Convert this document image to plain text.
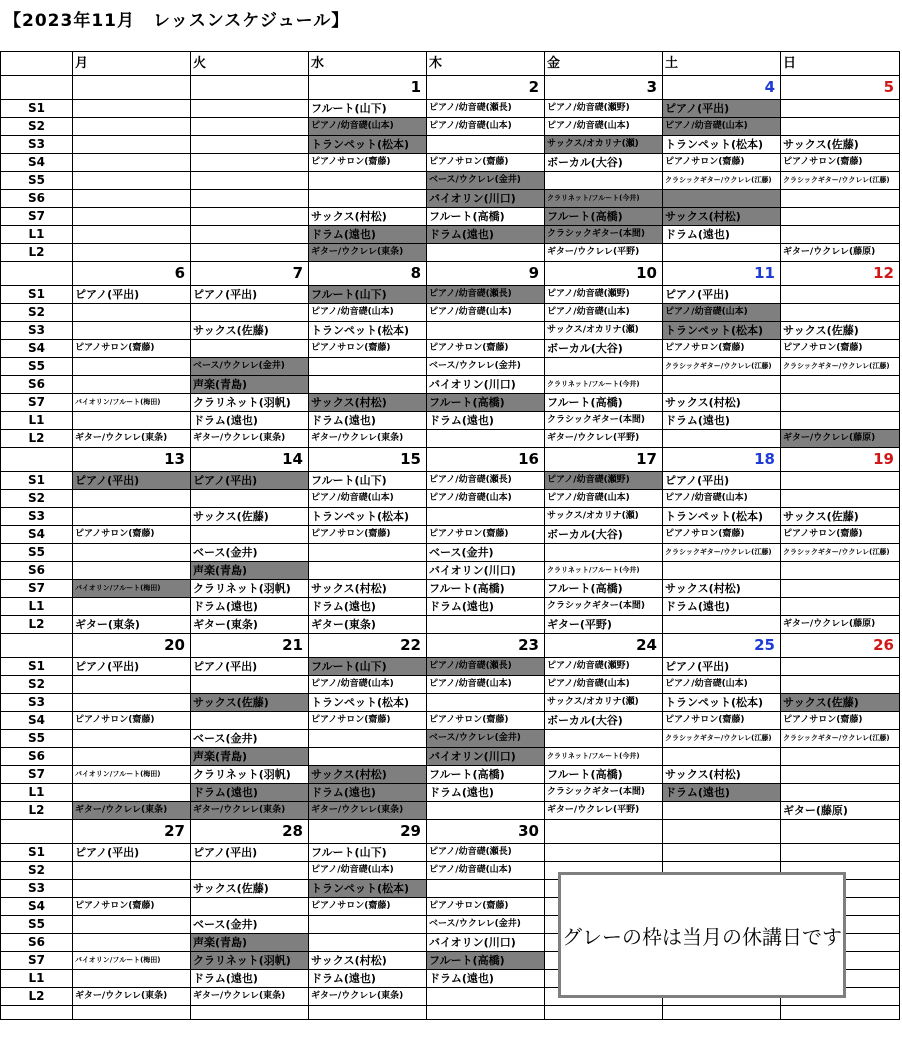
【2023年11月　レッスンスケジュール】
	月	火	水	木	金	土	日
			1	2	3	4	5
S1			フルート(山下)	ピアノ/幼音礎(瀬長)	ピアノ/幼音礎(瀬野)	ピアノ(平出)	
S2			ピアノ/幼音礎(山本)	ピアノ/幼音礎(山本)	ピアノ/幼音礎(山本)	ピアノ/幼音礎(山本)	
S3			トランペット(松本)		サックス/オカリナ(瀬)	トランペット(松本)	サックス(佐藤)
S4			ピアノサロン(齋藤)	ピアノサロン(齋藤)	ボーカル(大谷)	ピアノサロン(齋藤)	ピアノサロン(齋藤)
S5				ベース/ウクレレ(金井)		クラシックギター/ウクレレ(江藤)	クラシックギター/ウクレレ(江藤)
S6				バイオリン(川口)	クラリネット/フルート(今井)		
S7			サックス(村松)	フルート(高橋)	フルート(高橋)	サックス(村松)	
L1			ドラム(遠也)	ドラム(遠也)	クラシックギター(本間)	ドラム(遠也)	
L2			ギター/ウクレレ(東条)		ギター/ウクレレ(平野)		ギター/ウクレレ(藤原)
	6	7	8	9	10	11	12
S1	ピアノ(平出)	ピアノ(平出)	フルート(山下)	ピアノ/幼音礎(瀬長)	ピアノ/幼音礎(瀬野)	ピアノ(平出)	
S2			ピアノ/幼音礎(山本)	ピアノ/幼音礎(山本)	ピアノ/幼音礎(山本)	ピアノ/幼音礎(山本)	
S3		サックス(佐藤)	トランペット(松本)		サックス/オカリナ(瀬)	トランペット(松本)	サックス(佐藤)
S4	ピアノサロン(齋藤)		ピアノサロン(齋藤)	ピアノサロン(齋藤)	ボーカル(大谷)	ピアノサロン(齋藤)	ピアノサロン(齋藤)
S5		ベース/ウクレレ(金井)		ベース/ウクレレ(金井)		クラシックギター/ウクレレ(江藤)	クラシックギター/ウクレレ(江藤)
S6		声楽(青島)		バイオリン(川口)	クラリネット/フルート(今井)		
S7	バイオリン/フルート(梅田)	クラリネット(羽帆)	サックス(村松)	フルート(高橋)	フルート(高橋)	サックス(村松)	
L1		ドラム(遠也)	ドラム(遠也)	ドラム(遠也)	クラシックギター(本間)	ドラム(遠也)	
L2	ギター/ウクレレ(東条)	ギター/ウクレレ(東条)	ギター/ウクレレ(東条)		ギター/ウクレレ(平野)		ギター/ウクレレ(藤原)
	13	14	15	16	17	18	19
S1	ピアノ(平出)	ピアノ(平出)	フルート(山下)	ピアノ/幼音礎(瀬長)	ピアノ/幼音礎(瀬野)	ピアノ(平出)	
S2			ピアノ/幼音礎(山本)	ピアノ/幼音礎(山本)	ピアノ/幼音礎(山本)	ピアノ/幼音礎(山本)	
S3		サックス(佐藤)	トランペット(松本)		サックス/オカリナ(瀬)	トランペット(松本)	サックス(佐藤)
S4	ピアノサロン(齋藤)		ピアノサロン(齋藤)	ピアノサロン(齋藤)	ボーカル(大谷)	ピアノサロン(齋藤)	ピアノサロン(齋藤)
S5		ベース(金井)		ベース(金井)		クラシックギター/ウクレレ(江藤)	クラシックギター/ウクレレ(江藤)
S6		声楽(青島)		バイオリン(川口)	クラリネット/フルート(今井)		
S7	バイオリン/フルート(梅田)	クラリネット(羽帆)	サックス(村松)	フルート(高橋)	フルート(高橋)	サックス(村松)	
L1		ドラム(遠也)	ドラム(遠也)	ドラム(遠也)	クラシックギター(本間)	ドラム(遠也)	
L2	ギター(東条)	ギター(東条)	ギター(東条)		ギター(平野)		ギター/ウクレレ(藤原)
	20	21	22	23	24	25	26
S1	ピアノ(平出)	ピアノ(平出)	フルート(山下)	ピアノ/幼音礎(瀬長)	ピアノ/幼音礎(瀬野)	ピアノ(平出)	
S2			ピアノ/幼音礎(山本)	ピアノ/幼音礎(山本)	ピアノ/幼音礎(山本)	ピアノ/幼音礎(山本)	
S3		サックス(佐藤)	トランペット(松本)		サックス/オカリナ(瀬)	トランペット(松本)	サックス(佐藤)
S4	ピアノサロン(齋藤)		ピアノサロン(齋藤)	ピアノサロン(齋藤)	ボーカル(大谷)	ピアノサロン(齋藤)	ピアノサロン(齋藤)
S5		ベース(金井)		ベース/ウクレレ(金井)		クラシックギター/ウクレレ(江藤)	クラシックギター/ウクレレ(江藤)
S6		声楽(青島)		バイオリン(川口)	クラリネット/フルート(今井)		
S7	バイオリン/フルート(梅田)	クラリネット(羽帆)	サックス(村松)	フルート(高橋)	フルート(高橋)	サックス(村松)	
L1		ドラム(遠也)	ドラム(遠也)	ドラム(遠也)	クラシックギター(本間)	ドラム(遠也)	
L2	ギター/ウクレレ(東条)	ギター/ウクレレ(東条)	ギター/ウクレレ(東条)		ギター/ウクレレ(平野)		ギター(藤原)
	27	28	29	30			
S1	ピアノ(平出)	ピアノ(平出)	フルート(山下)	ピアノ/幼音礎(瀬長)			
S2			ピアノ/幼音礎(山本)	ピアノ/幼音礎(山本)			
S3		サックス(佐藤)	トランペット(松本)				
S4	ピアノサロン(齋藤)		ピアノサロン(齋藤)	ピアノサロン(齋藤)			
S5		ベース(金井)		ベース/ウクレレ(金井)			
S6		声楽(青島)		バイオリン(川口)			
S7	バイオリン/フルート(梅田)	クラリネット(羽帆)	サックス(村松)	フルート(高橋)			
L1		ドラム(遠也)	ドラム(遠也)	ドラム(遠也)			
L2	ギター/ウクレレ(東条)	ギター/ウクレレ(東条)	ギター/ウクレレ(東条)				

グレーの枠は当月の休講日です
